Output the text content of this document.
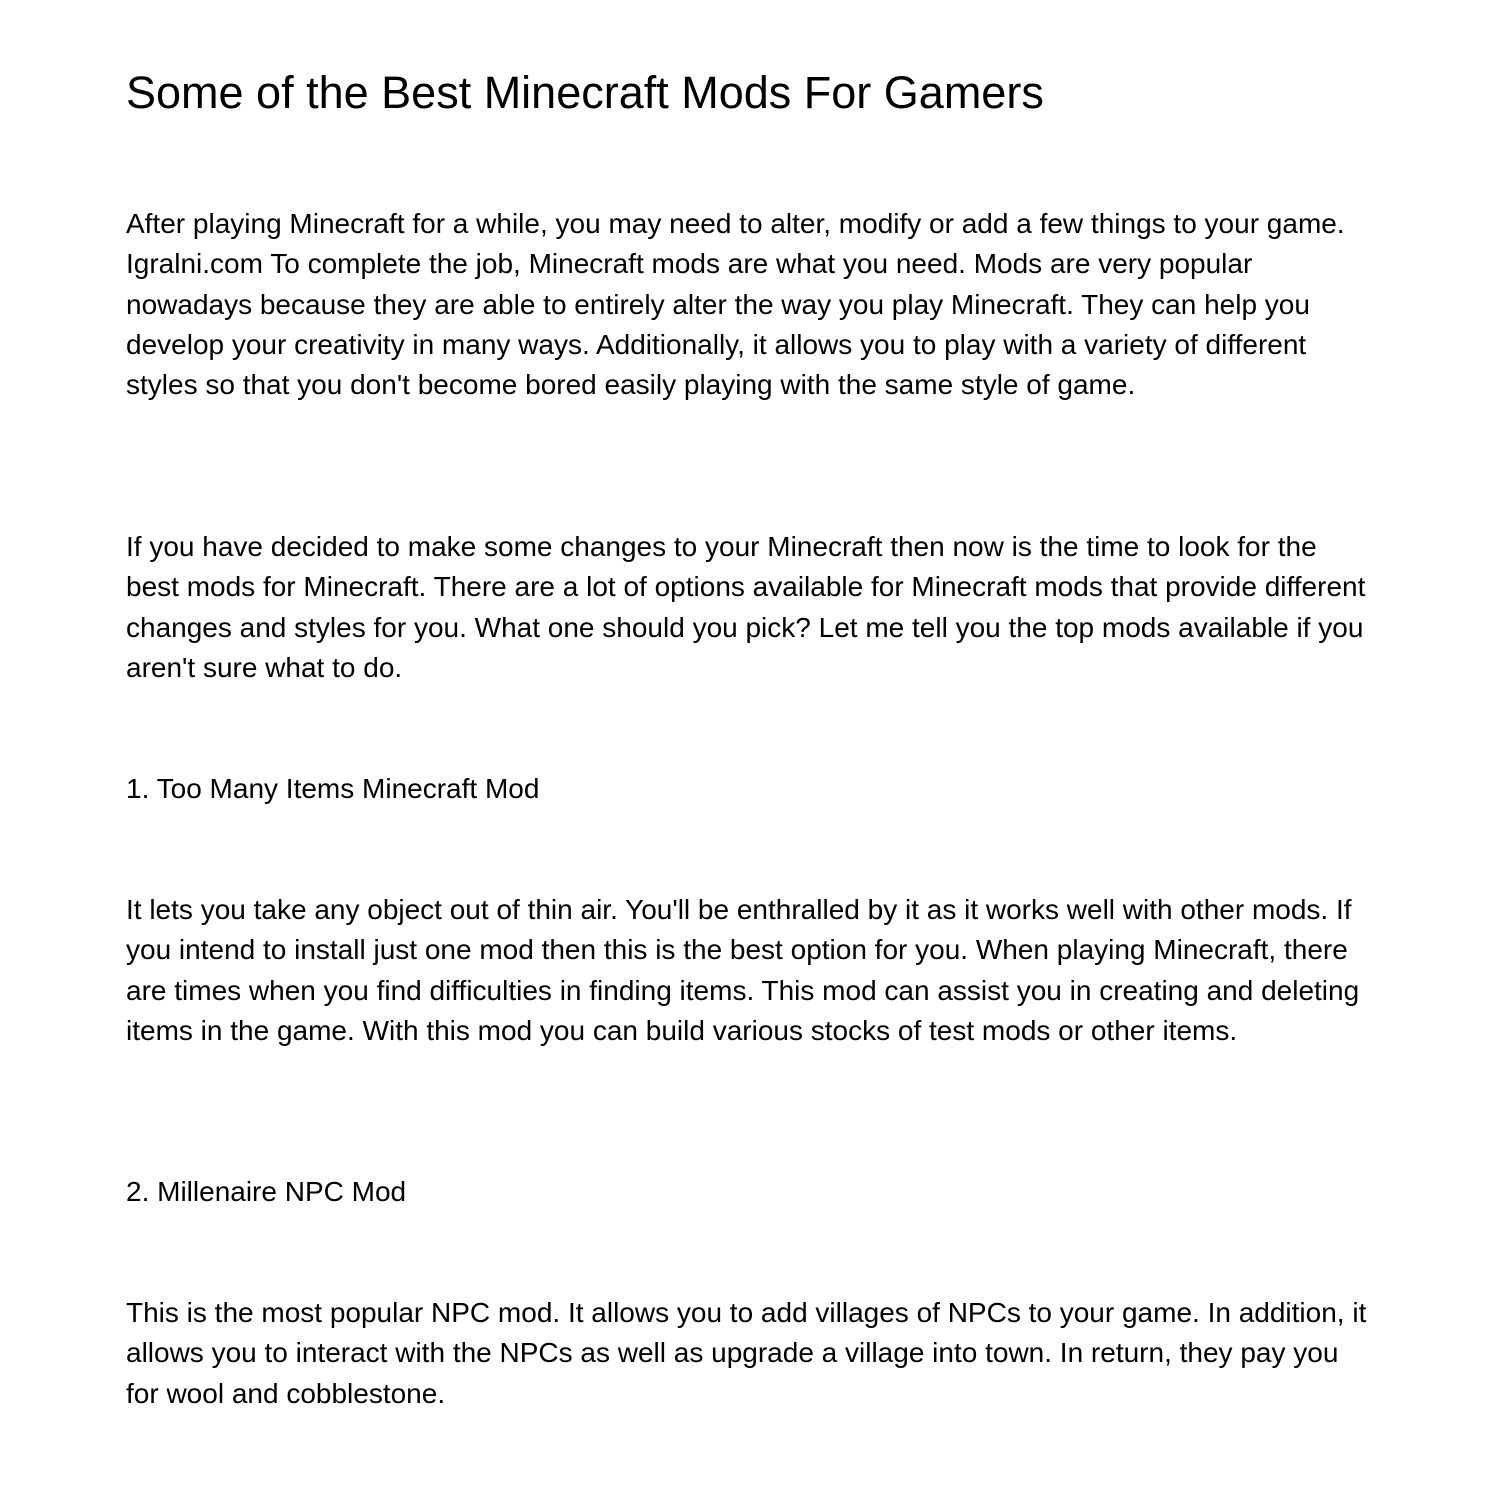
Some of the Best Minecraft Mods For Gamers

After playing Minecraft for a while, you may need to alter, modify or add a few things to your game. Igralni.com To complete the job, Minecraft mods are what you need. Mods are very popular nowadays because they are able to entirely alter the way you play Minecraft. They can help you develop your creativity in many ways. Additionally, it allows you to play with a variety of different styles so that you don't become bored easily playing with the same style of game.

If you have decided to make some changes to your Minecraft then now is the time to look for the best mods for Minecraft. There are a lot of options available for Minecraft mods that provide different changes and styles for you. What one should you pick? Let me tell you the top mods available if you aren't sure what to do.

1. Too Many Items Minecraft Mod

It lets you take any object out of thin air. You'll be enthralled by it as it works well with other mods. If you intend to install just one mod then this is the best option for you. When playing Minecraft, there are times when you find difficulties in finding items. This mod can assist you in creating and deleting items in the game. With this mod you can build various stocks of test mods or other items.

2. Millenaire NPC Mod

This is the most popular NPC mod. It allows you to add villages of NPCs to your game. In addition, it allows you to interact with the NPCs as well as upgrade a village into town. In return, they pay you for wool and cobblestone.
